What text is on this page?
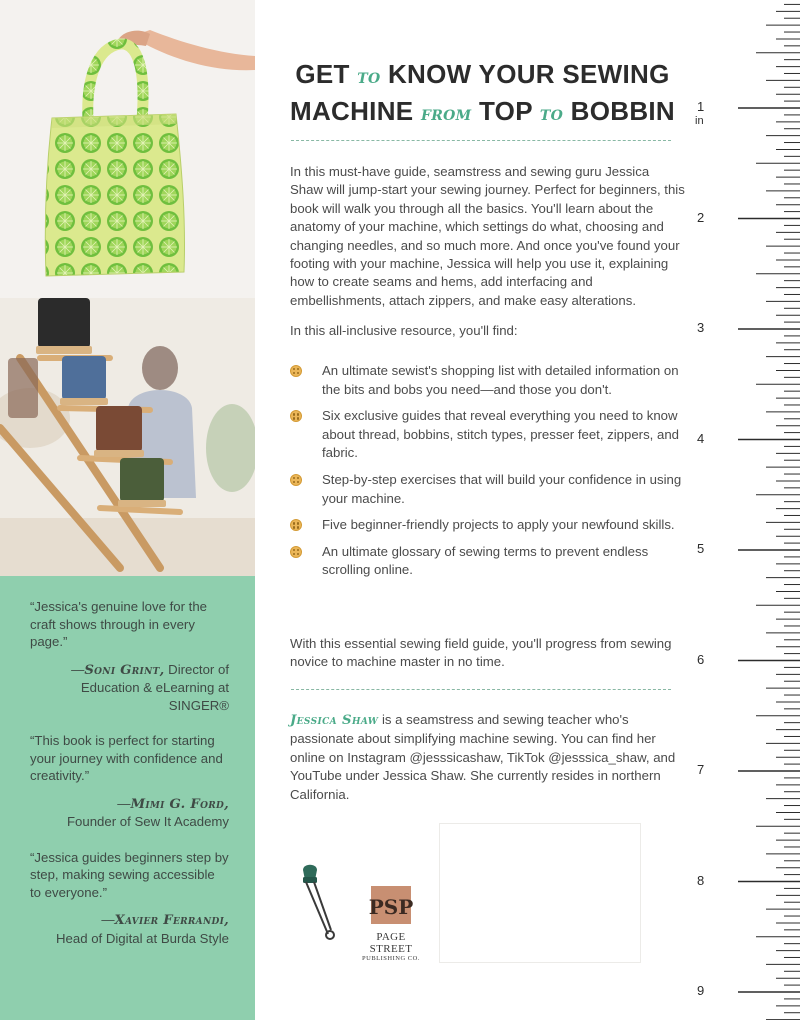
“Jessica's genuine love for the craft shows through in every page.”

—Soni Grint, Director of Education & eLearning at SINGER®

“This book is perfect for starting your journey with confidence and creativity.”

—Mimi G. Ford,
Founder of Sew It Academy

“Jessica guides beginners step by step, making sewing accessible to everyone.”

—Xavier Ferrandi,
Head of Digital at Burda Style

GET TO KNOW YOUR SEWING
MACHINE FROM TOP TO BOBBIN

In this must-have guide, seamstress and sewing guru Jessica Shaw will jump-start your sewing journey. Perfect for beginners, this book will walk you through all the basics. You'll learn about the anatomy of your machine, which settings do what, choosing and changing needles, and so much more. And once you've found your footing with your machine, Jessica will help you use it, explaining how to create seams and hems, add interfacing and embellishments, attach zippers, and make easy alterations.

In this all-inclusive resource, you'll find:

An ultimate sewist's shopping list with detailed information on the bits and bobs you need—and those you don't.
Six exclusive guides that reveal everything you need to know about thread, bobbins, stitch types, presser feet, zippers, and fabric.
Step-by-step exercises that will build your confidence in using your machine.
Five beginner-friendly projects to apply your newfound skills.
An ultimate glossary of sewing terms to prevent endless scrolling online.

With this essential sewing field guide, you'll progress from sewing novice to machine master in no time.

Jessica Shaw is a seamstress and sewing teacher who's passionate about simplifying machine sewing. You can find her online on Instagram @jesssicashaw, TikTok @jesssica_shaw, and YouTube under Jessica Shaw. She currently resides in northern California.

PSP
PAGE STREET
PUBLISHING CO.
1
2
3
4
5
6
7
8
9
in
